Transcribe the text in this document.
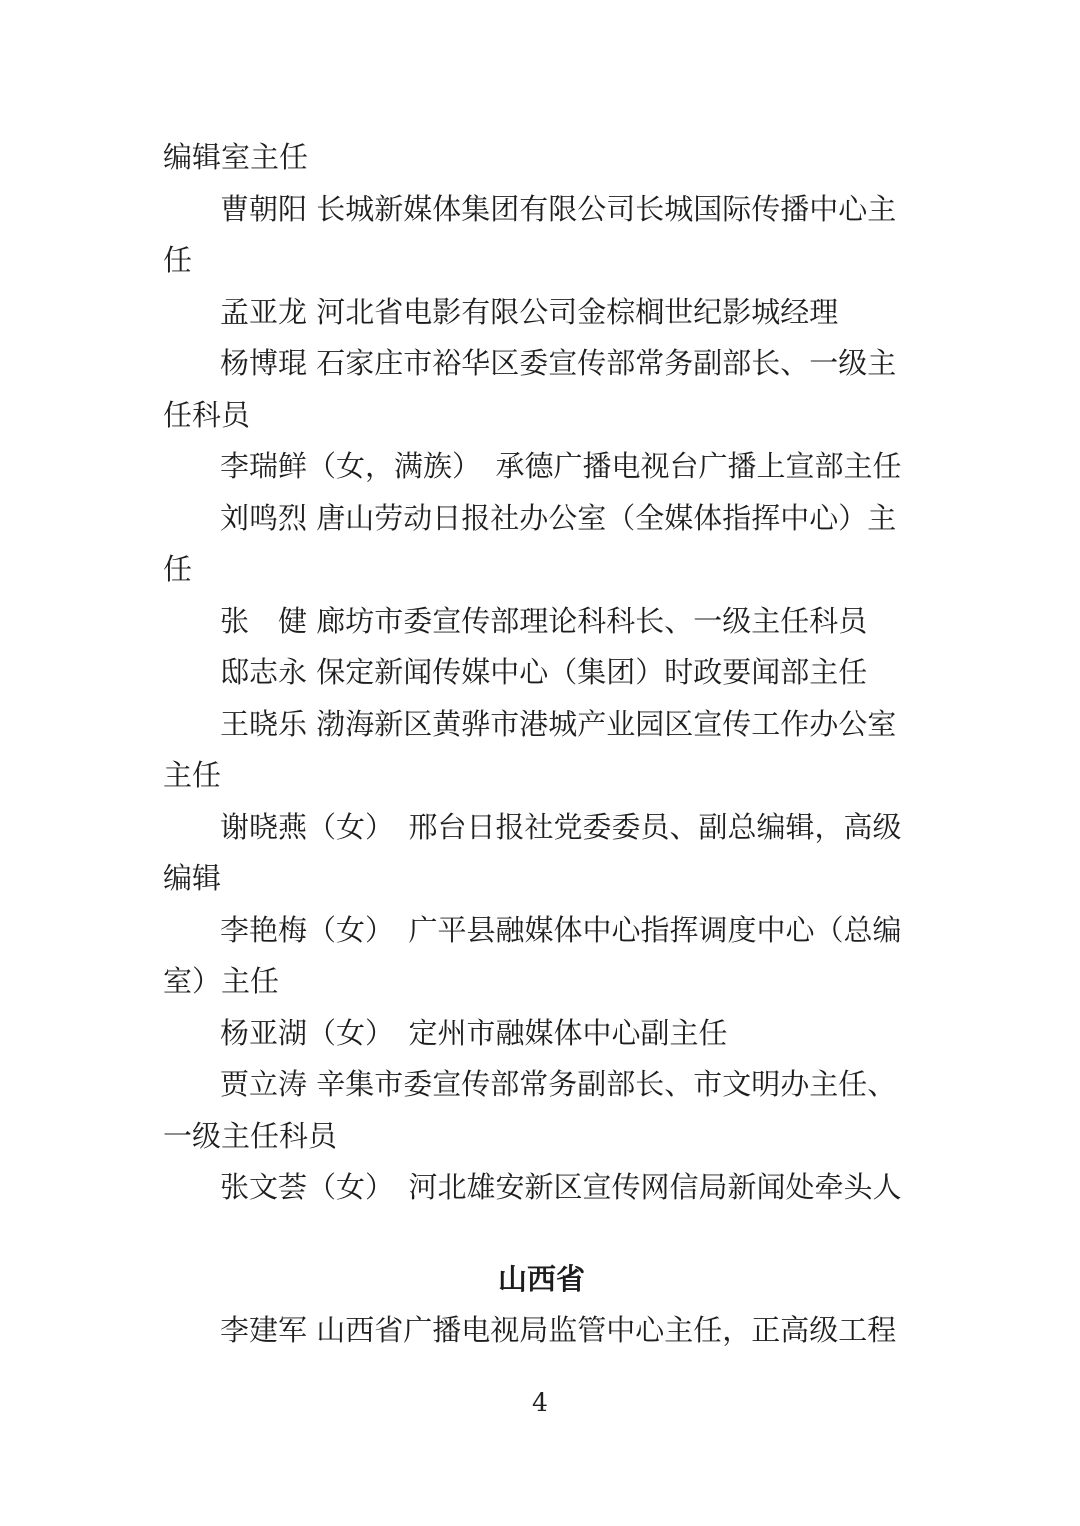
编辑室主任
曹朝阳 长城新媒体集团有限公司长城国际传播中心主
任
孟亚龙 河北省电影有限公司金棕榈世纪影城经理
杨博琨 石家庄市裕华区委宣传部常务副部长、一级主
任科员
李瑞鲜（女，满族）　承德广播电视台广播上宣部主任
刘鸣烈 唐山劳动日报社办公室（全媒体指挥中心）主
任
张　健 廊坊市委宣传部理论科科长、一级主任科员
邸志永 保定新闻传媒中心（集团）时政要闻部主任
王晓乐 渤海新区黄骅市港城产业园区宣传工作办公室
主任
谢晓燕（女）　邢台日报社党委委员、副总编辑，高级
编辑
李艳梅（女）　广平县融媒体中心指挥调度中心（总编
室）主任
杨亚湖（女）　定州市融媒体中心副主任
贾立涛 辛集市委宣传部常务副部长、市文明办主任、
一级主任科员
张文荟（女）　河北雄安新区宣传网信局新闻处牵头人
山西省
李建军 山西省广播电视局监管中心主任，正高级工程
4
